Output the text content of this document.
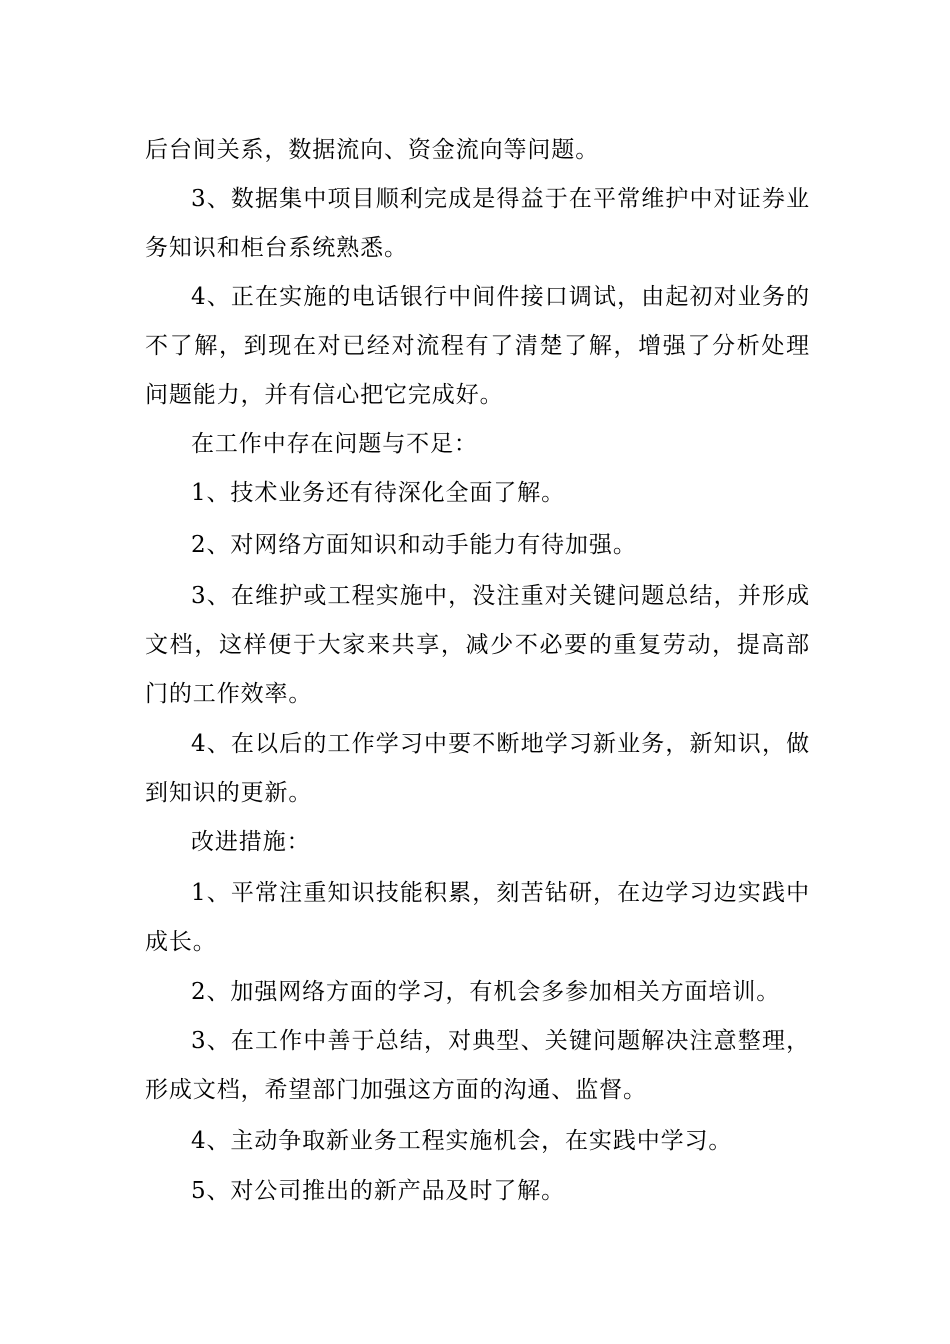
后台间关系，数据流向、资金流向等问题。

3、数据集中项目顺利完成是得益于在平常维护中对证券业务知识和柜台系统熟悉。

4、正在实施的电话银行中间件接口调试，由起初对业务的不了解，到现在对已经对流程有了清楚了解，增强了分析处理问题能力，并有信心把它完成好。

在工作中存在问题与不足：

1、技术业务还有待深化全面了解。

2、对网络方面知识和动手能力有待加强。

3、在维护或工程实施中，没注重对关键问题总结，并形成文档，这样便于大家来共享，减少不必要的重复劳动，提高部门的工作效率。

4、在以后的工作学习中要不断地学习新业务，新知识，做到知识的更新。

改进措施：

1、平常注重知识技能积累，刻苦钻研，在边学习边实践中成长。

2、加强网络方面的学习，有机会多参加相关方面培训。

3、在工作中善于总结，对典型、关键问题解决注意整理，形成文档，希望部门加强这方面的沟通、监督。

4、主动争取新业务工程实施机会，在实践中学习。

5、对公司推出的新产品及时了解。
